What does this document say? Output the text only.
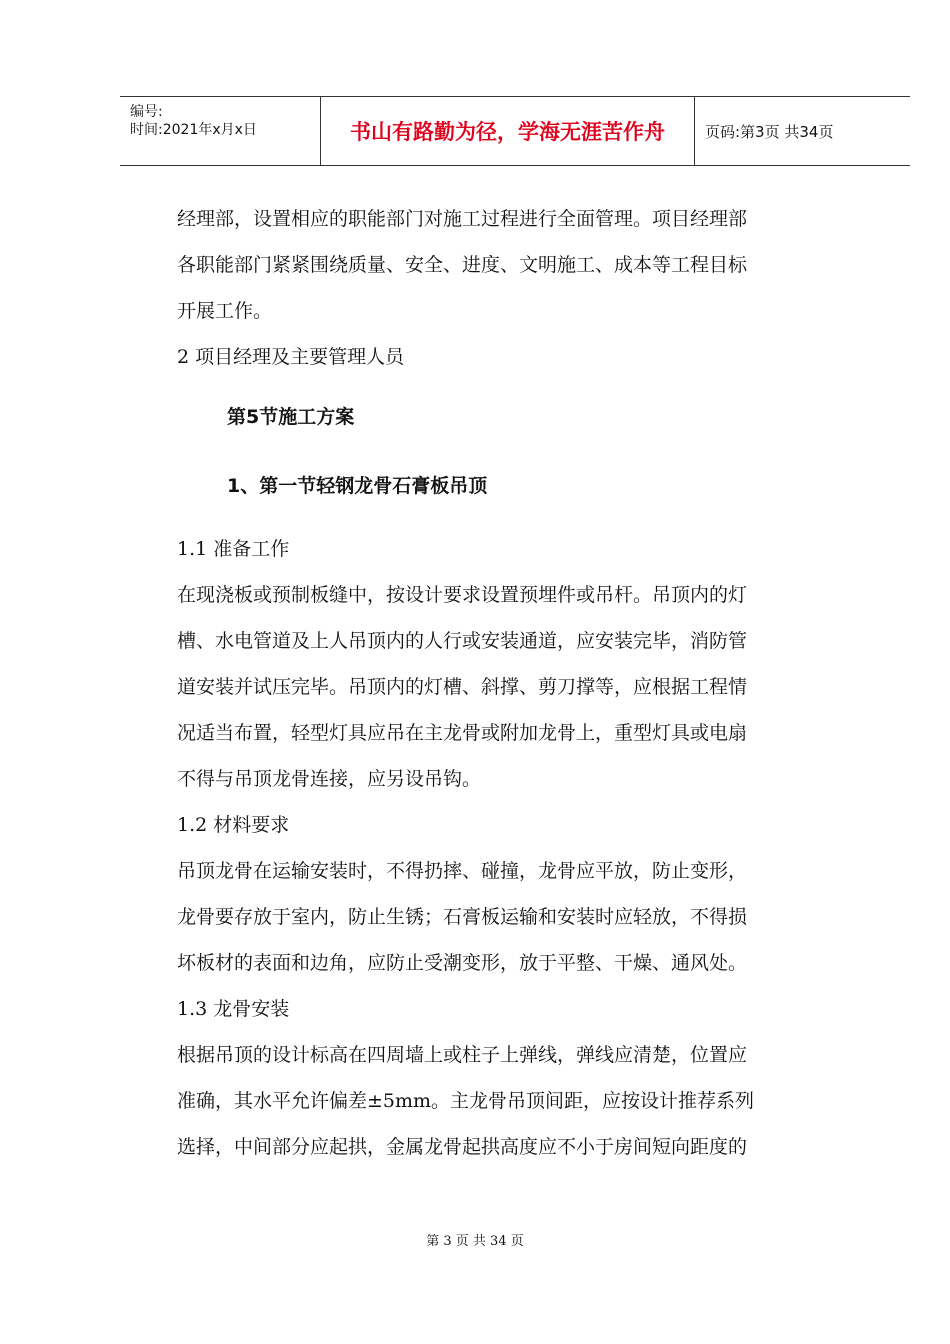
编号:
时间:2021年x月x日	书山有路勤为径，学海无涯苦作舟	页码:第3页 共34页

经理部，设置相应的职能部门对施工过程进行全面管理。项目经理部

各职能部门紧紧围绕质量、安全、进度、文明施工、成本等工程目标

开展工作。

2 项目经理及主要管理人员

第5节施工方案

1、第一节轻钢龙骨石膏板吊顶

1.1 准备工作

在现浇板或预制板缝中，按设计要求设置预埋件或吊杆。吊顶内的灯

槽、水电管道及上人吊顶内的人行或安装通道，应安装完毕，消防管

道安装并试压完毕。吊顶内的灯槽、斜撑、剪刀撑等，应根据工程情

况适当布置，轻型灯具应吊在主龙骨或附加龙骨上，重型灯具或电扇

不得与吊顶龙骨连接，应另设吊钩。

1.2 材料要求

吊顶龙骨在运输安装时，不得扔摔、碰撞，龙骨应平放，防止变形，

龙骨要存放于室内，防止生锈；石膏板运输和安装时应轻放，不得损

坏板材的表面和边角，应防止受潮变形，放于平整、干燥、通风处。

1.3 龙骨安装

根据吊顶的设计标高在四周墙上或柱子上弹线，弹线应清楚，位置应

准确，其水平允许偏差±5mm。主龙骨吊顶间距，应按设计推荐系列

选择，中间部分应起拱，金属龙骨起拱高度应不小于房间短向距度的

第 3 页 共 34 页
